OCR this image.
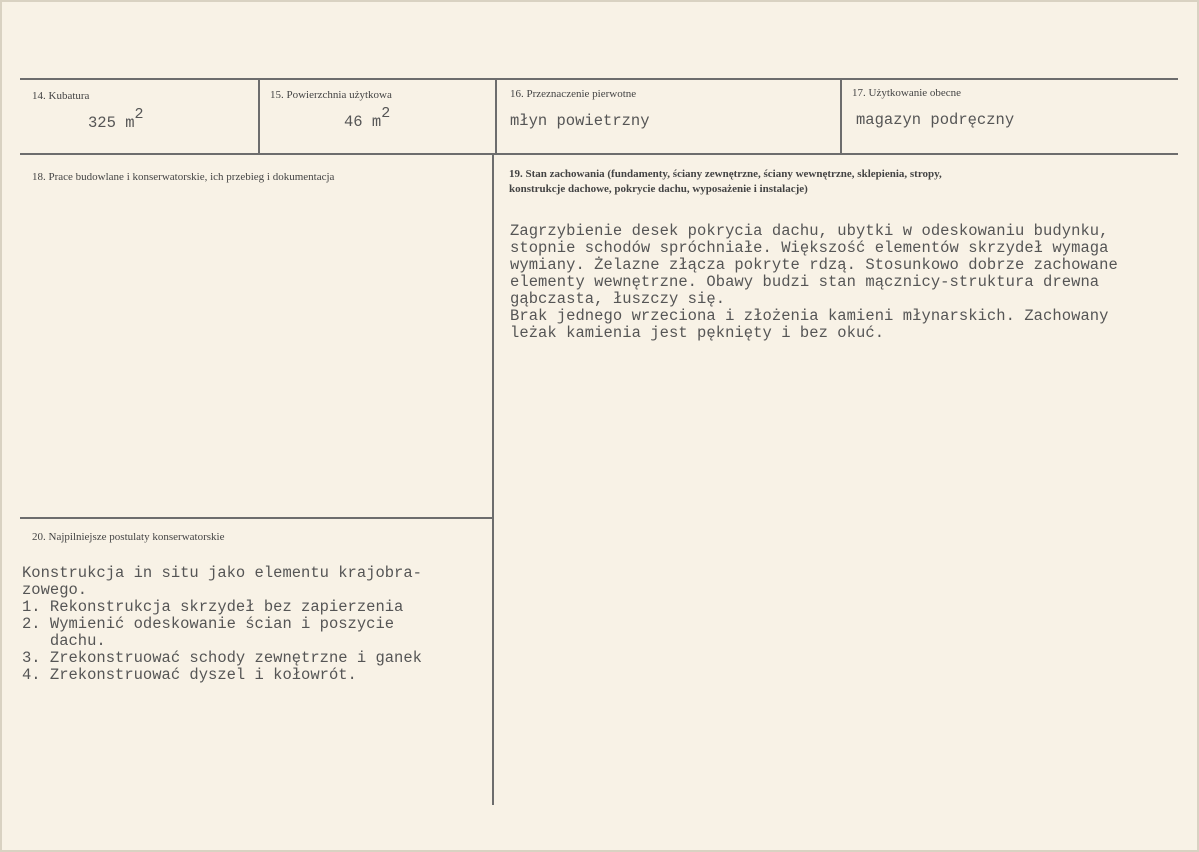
14. Kubatura
325 m2
15. Powierzchnia użytkowa
46 m2
16. Przeznaczenie pierwotne
młyn powietrzny
17. Użytkowanie obecne
magazyn podręczny
18. Prace budowlane i konserwatorskie, ich przebieg i dokumentacja	19. Stan zachowania (fundamenty, ściany zewnętrzne, ściany wewnętrzne, sklepienia, stropy,
konstrukcje dachowe, pokrycie dachu, wyposażenie i instalacje)

Zagrzybienie desek pokrycia dachu, ubytki w odeskowaniu budynku,
stopnie schodów spróchniałe. Większość elementów skrzydeł wymaga
wymiany. Żelazne złącza pokryte rdzą. Stosunkowo dobrze zachowane
elementy wewnętrzne. Obawy budzi stan mącznicy-struktura drewna
gąbczasta, łuszczy się.
Brak jednego wrzeciona i złożenia kamieni młynarskich. Zachowany
leżak kamienia jest pęknięty i bez okuć.
20. Najpilniejsze postulaty konserwatorskie

Konstrukcja in situ jako elementu krajobra-
zowego.
1. Rekonstrukcja skrzydeł bez zapierzenia
2. Wymienić odeskowanie ścian i poszycie
dachu.
3. Zrekonstruować schody zewnętrzne i ganek
4. Zrekonstruować dyszel i kołowrót.
